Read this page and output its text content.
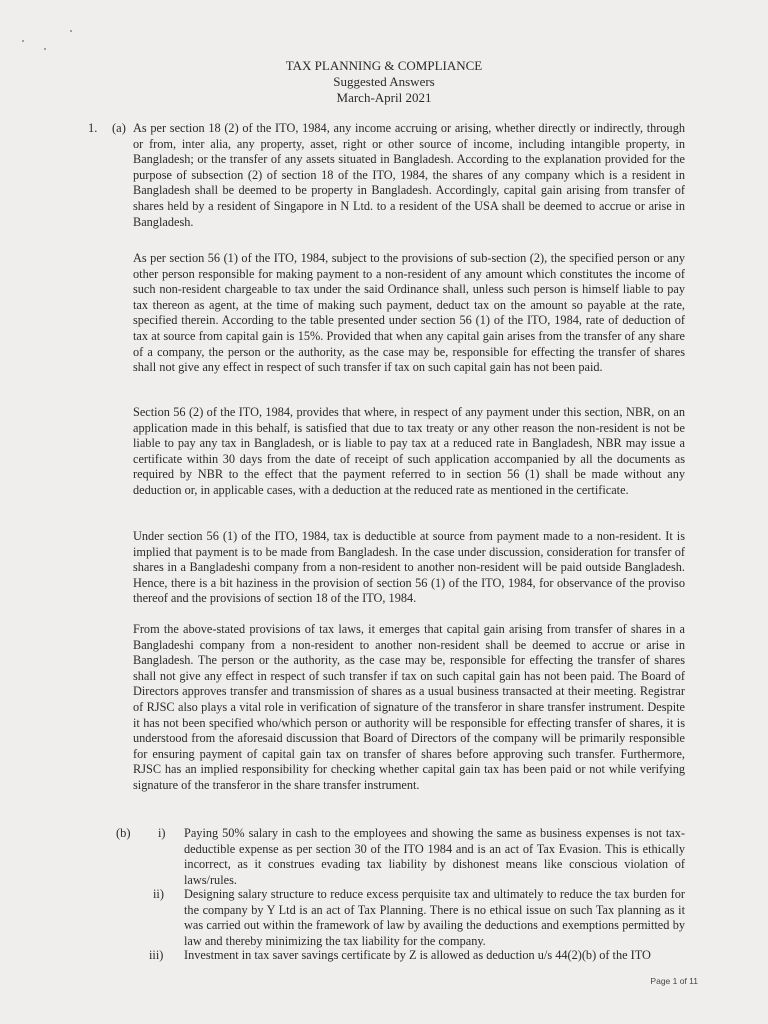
TAX PLANNING & COMPLIANCE
Suggested Answers
March-April 2021
1. (a) As per section 18 (2) of the ITO, 1984, any income accruing or arising, whether directly or indirectly, through or from, inter alia, any property, asset, right or other source of income, including intangible property, in Bangladesh; or the transfer of any assets situated in Bangladesh. According to the explanation provided for the purpose of subsection (2) of section 18 of the ITO, 1984, the shares of any company which is a resident in Bangladesh shall be deemed to be property in Bangladesh. Accordingly, capital gain arising from transfer of shares held by a resident of Singapore in N Ltd. to a resident of the USA shall be deemed to accrue or arise in Bangladesh.

As per section 56 (1) of the ITO, 1984, subject to the provisions of sub-section (2), the specified person or any other person responsible for making payment to a non-resident of any amount which constitutes the income of such non-resident chargeable to tax under the said Ordinance shall, unless such person is himself liable to pay tax thereon as agent, at the time of making such payment, deduct tax on the amount so payable at the rate, specified therein. According to the table presented under section 56 (1) of the ITO, 1984, rate of deduction of tax at source from capital gain is 15%. Provided that when any capital gain arises from the transfer of any share of a company, the person or the authority, as the case may be, responsible for effecting the transfer of shares shall not give any effect in respect of such transfer if tax on such capital gain has not been paid.

Section 56 (2) of the ITO, 1984, provides that where, in respect of any payment under this section, NBR, on an application made in this behalf, is satisfied that due to tax treaty or any other reason the non-resident is not be liable to pay any tax in Bangladesh, or is liable to pay tax at a reduced rate in Bangladesh, NBR may issue a certificate within 30 days from the date of receipt of such application accompanied by all the documents as required by NBR to the effect that the payment referred to in section 56 (1) shall be made without any deduction or, in applicable cases, with a deduction at the reduced rate as mentioned in the certificate.

Under section 56 (1) of the ITO, 1984, tax is deductible at source from payment made to a non-resident. It is implied that payment is to be made from Bangladesh. In the case under discussion, consideration for transfer of shares in a Bangladeshi company from a non-resident to another non-resident will be paid outside Bangladesh. Hence, there is a bit haziness in the provision of section 56 (1) of the ITO, 1984, for observance of the proviso thereof and the provisions of section 18 of the ITO, 1984.

From the above-stated provisions of tax laws, it emerges that capital gain arising from transfer of shares in a Bangladeshi company from a non-resident to another non-resident shall be deemed to accrue or arise in Bangladesh. The person or the authority, as the case may be, responsible for effecting the transfer of shares shall not give any effect in respect of such transfer if tax on such capital gain has not been paid. The Board of Directors approves transfer and transmission of shares as a usual business transacted at their meeting. Registrar of RJSC also plays a vital role in verification of signature of the transferor in share transfer instrument. Despite it has not been specified who/which person or authority will be responsible for effecting transfer of shares, it is understood from the aforesaid discussion that Board of Directors of the company will be primarily responsible for ensuring payment of capital gain tax on transfer of shares before approving such transfer. Furthermore, RJSC has an implied responsibility for checking whether capital gain tax has been paid or not while verifying signature of the transferor in the share transfer instrument.

(b) i) Paying 50% salary in cash to the employees and showing the same as business expenses is not tax-deductible expense as per section 30 of the ITO 1984 and is an act of Tax Evasion. This is ethically incorrect, as it construes evading tax liability by dishonest means like conscious violation of laws/rules.

ii) Designing salary structure to reduce excess perquisite tax and ultimately to reduce the tax burden for the company by Y Ltd is an act of Tax Planning. There is no ethical issue on such Tax planning as it was carried out within the framework of law by availing the deductions and exemptions permitted by law and thereby minimizing the tax liability for the company.

iii) Investment in tax saver savings certificate by Z is allowed as deduction u/s 44(2)(b) of the ITO

Page 1 of 11
